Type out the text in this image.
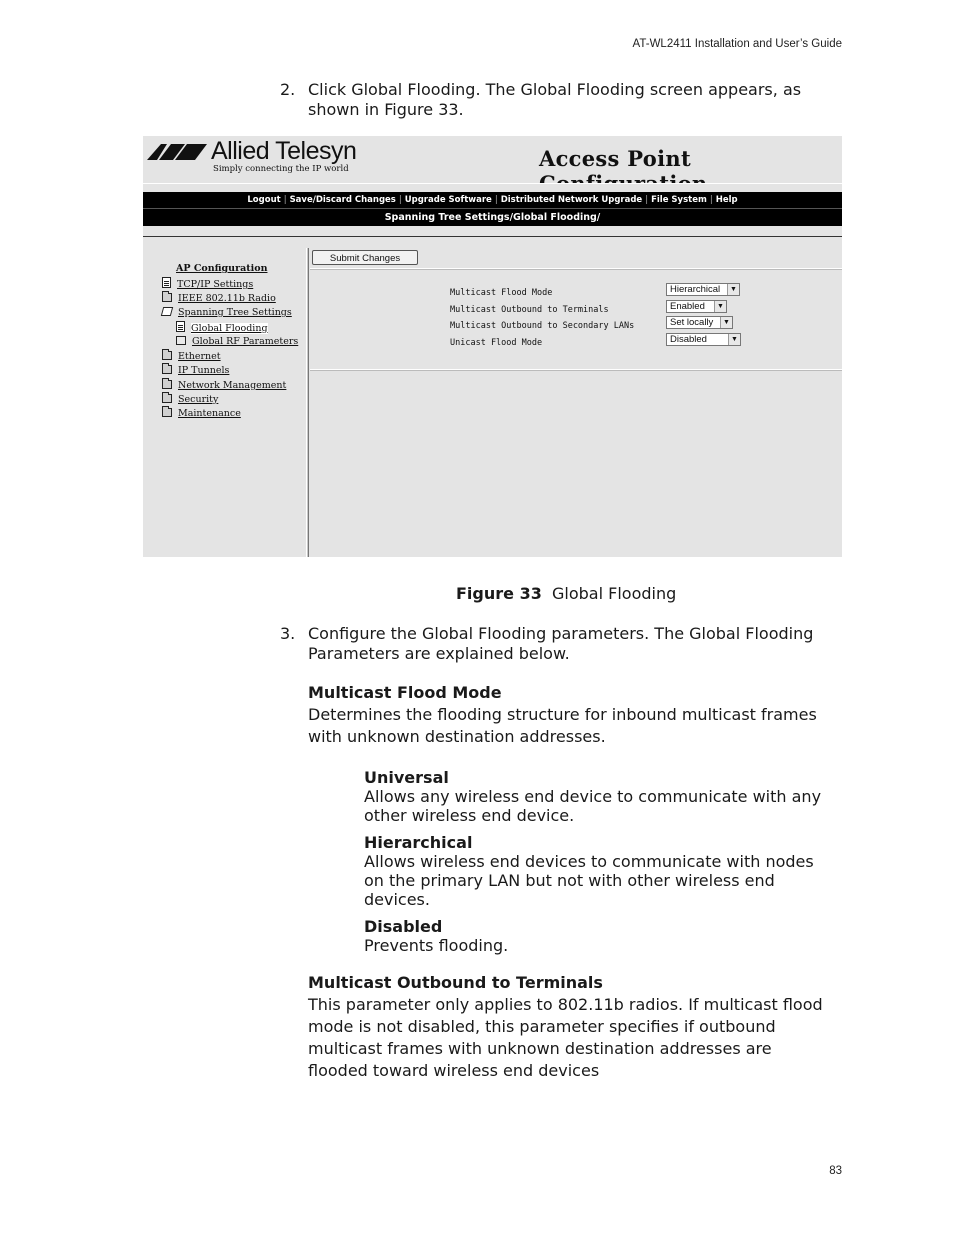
AT-WL2411 Installation and User’s Guide
2. Click Global Flooding. The Global Flooding screen appears, as shown in Figure 33.
Allied Telesyn
Simply connecting the IP world	Access Point
Logout | Save/Discard Changes | Upgrade Software | Distributed Network Upgrade | File System | Help
Spanning Tree Settings/Global Flooding/
AP Configuration
TCP/IP Settings
IEEE 802.11b Radio
Spanning Tree Settings
Global Flooding
Global RF Parameters
Ethernet
IP Tunnels
Network Management
Security
Maintenance
Submit Changes
Multicast Flood Mode	Hierarchical	▼
Multicast Outbound to Terminals	Enabled	▼
Multicast Outbound to Secondary LANs	Set locally	▼
Unicast Flood Mode	Disabled	▼
Figure 33 Global Flooding
3. Configure the Global Flooding parameters. The Global Flooding Parameters are explained below.
Multicast Flood Mode
Determines the flooding structure for inbound multicast frames with unknown destination addresses.
Universal
Allows any wireless end device to communicate with any other wireless end device.
Hierarchical
Allows wireless end devices to communicate with nodes on the primary LAN but not with other wireless end devices.
Disabled
Prevents flooding.
Multicast Outbound to Terminals
This parameter only applies to 802.11b radios. If multicast flood mode is not disabled, this parameter specifies if outbound multicast frames with unknown destination addresses are flooded toward wireless end devices
83
